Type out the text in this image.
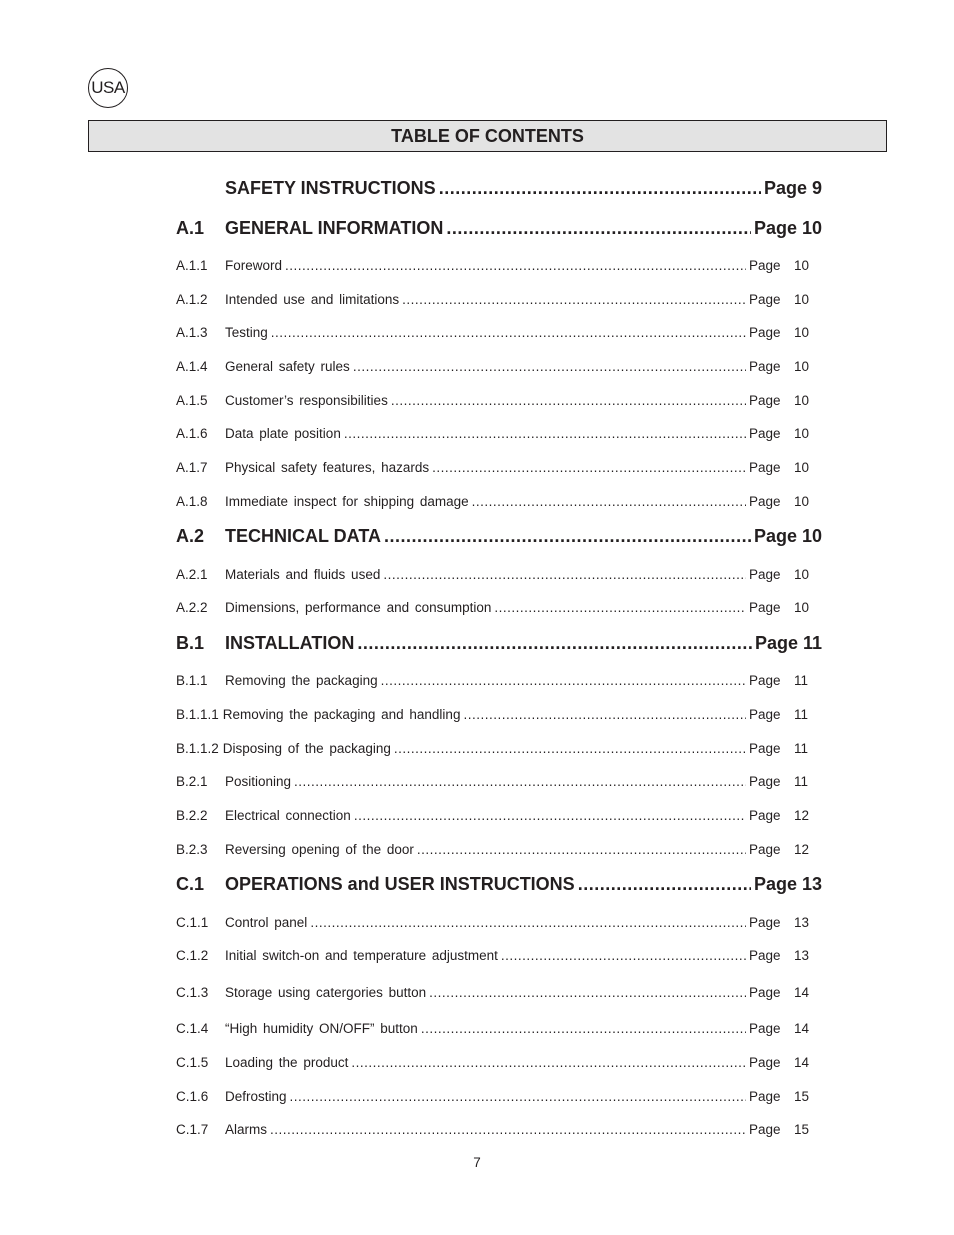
USA
TABLE OF CONTENTS
SAFETY INSTRUCTIONS .....	Page 9
A.1	GENERAL INFORMATION .....	Page 10
A.1.1	Foreword .....	Page 10
A.1.2	Intended use and limitations .....	Page 10
A.1.3	Testing .....	Page 10
A.1.4	General safety rules .....	Page 10
A.1.5	Customer’s responsibilities .....	Page 10
A.1.6	Data plate position .....	Page 10
A.1.7	Physical safety features, hazards .....	Page 10
A.1.8	Immediate inspect for shipping damage .....	Page 10
A.2	TECHNICAL DATA .....	Page 10
A.2.1	Materials and fluids used .....	Page 10
A.2.2	Dimensions, performance and consumption .....	Page 10
B.1	INSTALLATION .....	Page 11
B.1.1	Removing the packaging .....	Page 11
B.1.1.1 Removing the packaging and handling .....	Page 11
B.1.1.2 Disposing of the packaging .....	Page 11
B.2.1	Positioning .....	Page 11
B.2.2	Electrical connection .....	Page 12
B.2.3	Reversing opening of the door .....	Page 12
C.1	OPERATIONS and USER INSTRUCTIONS .....	Page 13
C.1.1	Control panel .....	Page 13
C.1.2	Initial switch-on and temperature adjustment .....	Page 13
C.1.3	Storage using catergories button .....	Page 14
C.1.4	“High humidity ON/OFF” button .....	Page 14
C.1.5	Loading the product .....	Page 14
C.1.6	Defrosting .....	Page 15
C.1.7	Alarms .....	Page 15
7
